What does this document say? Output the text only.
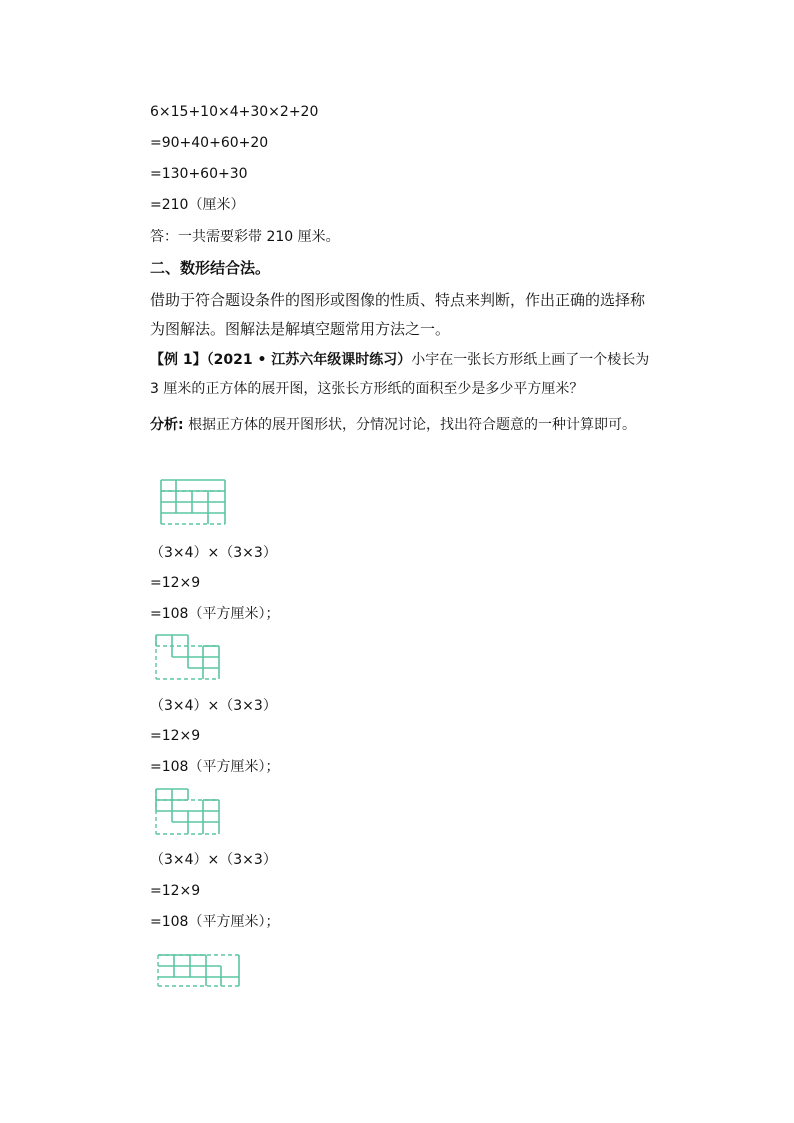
6×15+10×4+30×2+20
=90+40+60+20
=130+60+30
=210（厘米）
答：一共需要彩带 210 厘米。
二、数形结合法。
借助于符合题设条件的图形或图像的性质、特点来判断，作出正确的选择称为图解法。图解法是解填空题常用方法之一。
【例 1】（2021 • 江苏六年级课时练习）小宇在一张长方形纸上画了一个棱长为 3 厘米的正方体的展开图，这张长方形纸的面积至少是多少平方厘米？
分析: 根据正方体的展开图形状，分情况讨论，找出符合题意的一种计算即可。
（3×4）×（3×3）
=12×9
=108（平方厘米）；
（3×4）×（3×3）
=12×9
=108（平方厘米）；
（3×4）×（3×3）
=12×9
=108（平方厘米）；
